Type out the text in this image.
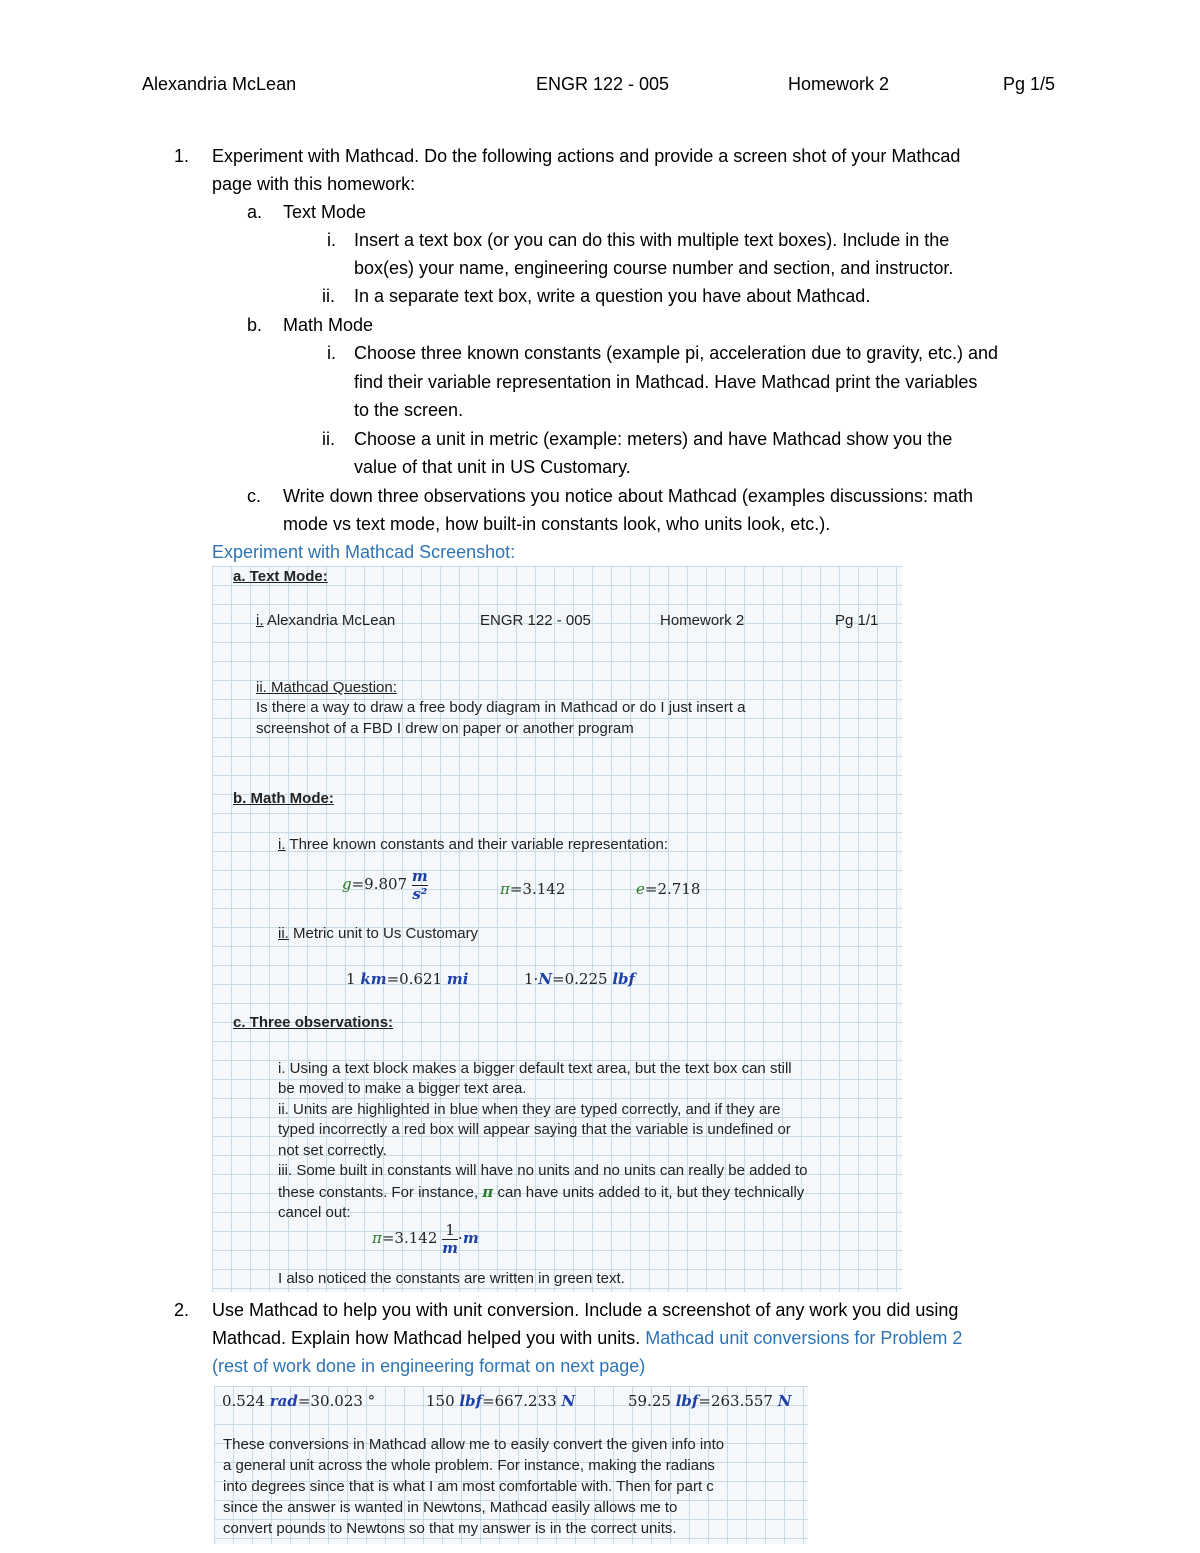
Alexandria McLean	ENGR 122 - 005	Homework 2	Pg 1/5
1. Experiment with Mathcad. Do the following actions and provide a screen shot of your Mathcad
page with this homework:
a. Text Mode
i. Insert a text box (or you can do this with multiple text boxes). Include in the
box(es) your name, engineering course number and section, and instructor.
ii. In a separate text box, write a question you have about Mathcad.
b. Math Mode
i. Choose three known constants (example pi, acceleration due to gravity, etc.) and
find their variable representation in Mathcad. Have Mathcad print the variables
to the screen.
ii. Choose a unit in metric (example: meters) and have Mathcad show you the
value of that unit in US Customary.
c. Write down three observations you notice about Mathcad (examples discussions: math
mode vs text mode, how built-in constants look, who units look, etc.).
Experiment with Mathcad Screenshot:
a. Text Mode:
i. Alexandria McLean	ENGR 122 - 005	Homework 2	Pg 1/1
ii. Mathcad Question:
Is there a way to draw a free body diagram in Mathcad or do I just insert a
screenshot of a FBD I drew on paper or another program
b. Math Mode:
i. Three known constants and their variable representation:
$g=9.807 \frac{m}{\text{s²}}$	π=3.142	e=2.718
ii. Metric unit to Us Customary
1 km=0.621 mi	1·N=0.225 lbf
c. Three observations:
i. Using a text block makes a bigger default text area, but the text box can still
be moved to make a bigger text area.
ii. Units are highlighted in blue when they are typed correctly, and if they are
typed incorrectly a red box will appear saying that the variable is undefined or
not set correctly.
iii. Some built in constants will have no units and no units can really be added to
these constants. For instance, π can have units added to it, but they technically
cancel out:
$\pi=3.142 \frac{1}{m} \cdot m$
I also noticed the constants are written in green text.
2. Use Mathcad to help you with unit conversion. Include a screenshot of any work you did using
Mathcad. Explain how Mathcad helped you with units. Mathcad unit conversions for Problem 2
(rest of work done in engineering format on next page)
0.524 rad=30.023 °	150 lbf=667.233 N	59.25 lbf=263.557 N
These conversions in Mathcad allow me to easily convert the given info into
a general unit across the whole problem. For instance, making the radians
into degrees since that is what I am most comfortable with. Then for part c
since the answer is wanted in Newtons, Mathcad easily allows me to
convert pounds to Newtons so that my answer is in the correct units.
